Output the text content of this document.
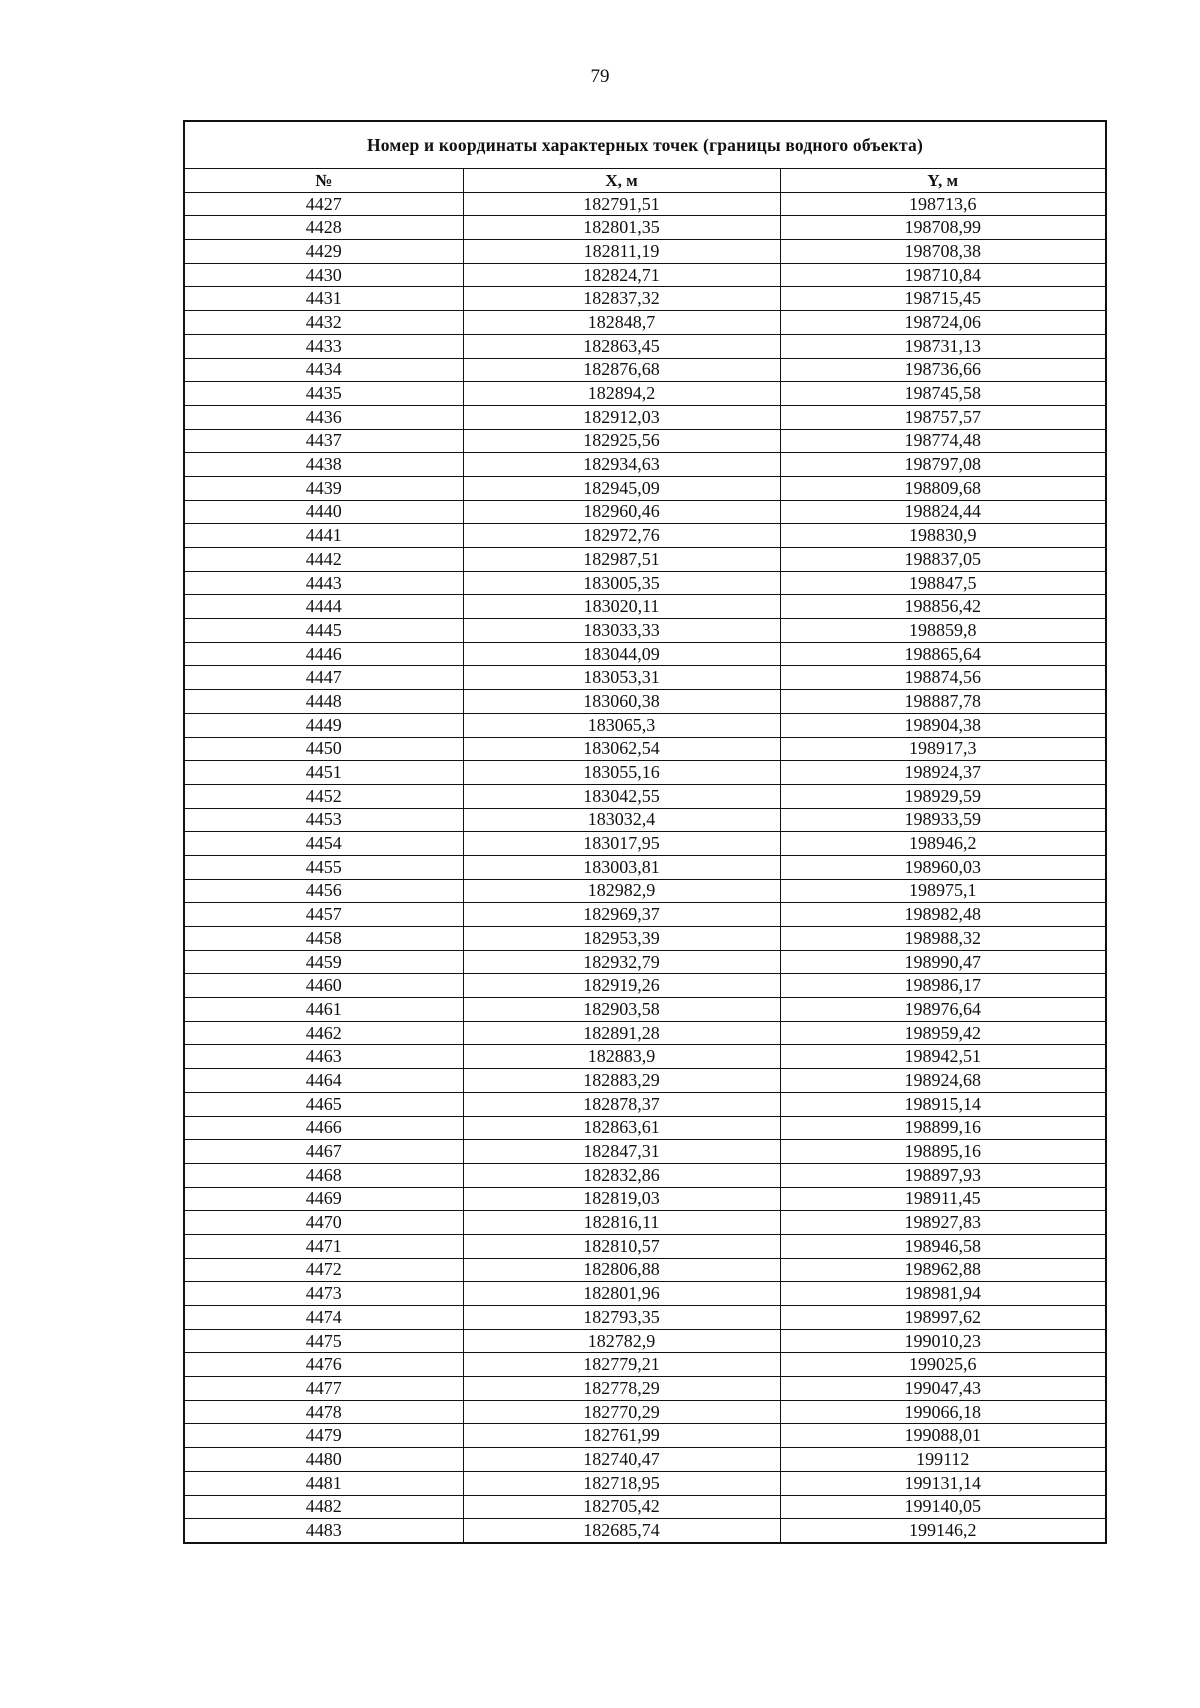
79
Номер и координаты характерных точек (границы водного объекта)		
№	X, м	Y, м
4427	182791,51	198713,6
4428	182801,35	198708,99
4429	182811,19	198708,38
4430	182824,71	198710,84
4431	182837,32	198715,45
4432	182848,7	198724,06
4433	182863,45	198731,13
4434	182876,68	198736,66
4435	182894,2	198745,58
4436	182912,03	198757,57
4437	182925,56	198774,48
4438	182934,63	198797,08
4439	182945,09	198809,68
4440	182960,46	198824,44
4441	182972,76	198830,9
4442	182987,51	198837,05
4443	183005,35	198847,5
4444	183020,11	198856,42
4445	183033,33	198859,8
4446	183044,09	198865,64
4447	183053,31	198874,56
4448	183060,38	198887,78
4449	183065,3	198904,38
4450	183062,54	198917,3
4451	183055,16	198924,37
4452	183042,55	198929,59
4453	183032,4	198933,59
4454	183017,95	198946,2
4455	183003,81	198960,03
4456	182982,9	198975,1
4457	182969,37	198982,48
4458	182953,39	198988,32
4459	182932,79	198990,47
4460	182919,26	198986,17
4461	182903,58	198976,64
4462	182891,28	198959,42
4463	182883,9	198942,51
4464	182883,29	198924,68
4465	182878,37	198915,14
4466	182863,61	198899,16
4467	182847,31	198895,16
4468	182832,86	198897,93
4469	182819,03	198911,45
4470	182816,11	198927,83
4471	182810,57	198946,58
4472	182806,88	198962,88
4473	182801,96	198981,94
4474	182793,35	198997,62
4475	182782,9	199010,23
4476	182779,21	199025,6
4477	182778,29	199047,43
4478	182770,29	199066,18
4479	182761,99	199088,01
4480	182740,47	199112
4481	182718,95	199131,14
4482	182705,42	199140,05
4483	182685,74	199146,2
